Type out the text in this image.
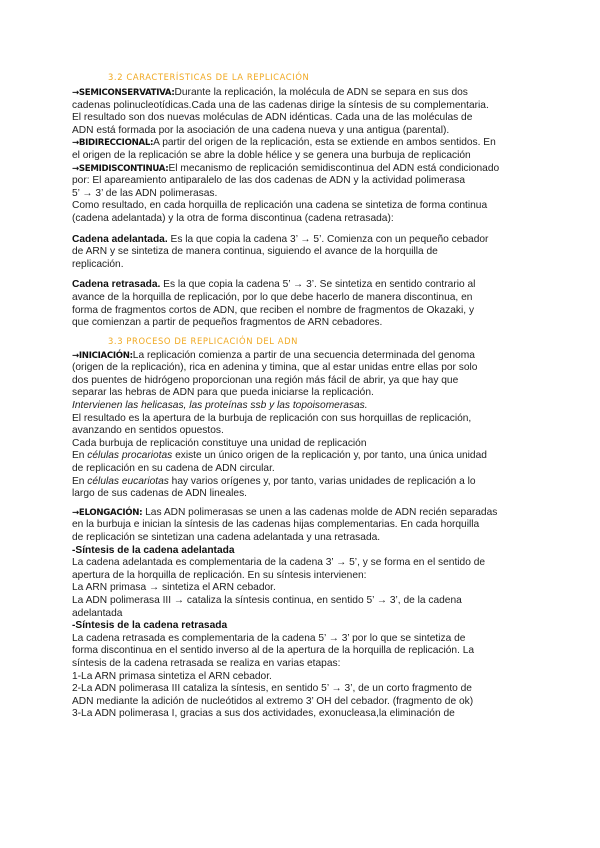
3.2 CARACTERÍSTICAS DE LA REPLICACIÓN

→SEMICONSERVATIVA:Durante la replicación, la molécula de ADN se separa en sus dos

cadenas polinucleotídicas.Cada una de las cadenas dirige la síntesis de su complementaria.

El resultado son dos nuevas moléculas de ADN idénticas. Cada una de las moléculas de

ADN está formada por la asociación de una cadena nueva y una antigua (parental).

→BIDIRECCIONAL:A partir del origen de la replicación, esta se extiende en ambos sentidos. En

el origen de la replicación se abre la doble hélice y se genera una burbuja de replicación

→SEMIDISCONTINUA:El mecanismo de replicación semidiscontinua del ADN está condicionado

por: El apareamiento antiparalelo de las dos cadenas de ADN y la actividad polimerasa

5’ → 3’ de las ADN polimerasas.

Como resultado, en cada horquilla de replicación una cadena se sintetiza de forma continua

(cadena adelantada) y la otra de forma discontinua (cadena retrasada):

Cadena adelantada. Es la que copia la cadena 3’ → 5’. Comienza con un pequeño cebador

de ARN y se sintetiza de manera continua, siguiendo el avance de la horquilla de

replicación.

Cadena retrasada. Es la que copia la cadena 5’ → 3’. Se sintetiza en sentido contrario al

avance de la horquilla de replicación, por lo que debe hacerlo de manera discontinua, en

forma de fragmentos cortos de ADN, que reciben el nombre de fragmentos de Okazaki, y

que comienzan a partir de pequeños fragmentos de ARN cebadores.

3.3 PROCESO DE REPLICACIÓN DEL ADN

→INICIACIÓN:La replicación comienza a partir de una secuencia determinada del genoma

(origen de la replicación), rica en adenina y timina, que al estar unidas entre ellas por solo

dos puentes de hidrógeno proporcionan una región más fácil de abrir, ya que hay que

separar las hebras de ADN para que pueda iniciarse la replicación.

Intervienen las helicasas, las proteínas ssb y las topoisomerasas.

El resultado es la apertura de la burbuja de replicación con sus horquillas de replicación,

avanzando en sentidos opuestos.

Cada burbuja de replicación constituye una unidad de replicación

En células procariotas existe un único origen de la replicación y, por tanto, una única unidad

de replicación en su cadena de ADN circular.

En células eucariotas hay varios orígenes y, por tanto, varias unidades de replicación a lo

largo de sus cadenas de ADN lineales.

→ELONGACIÓN: Las ADN polimerasas se unen a las cadenas molde de ADN recién separadas

en la burbuja e inician la síntesis de las cadenas hijas complementarias. En cada horquilla

de replicación se sintetizan una cadena adelantada y una retrasada.

-Síntesis de la cadena adelantada

La cadena adelantada es complementaria de la cadena 3’ → 5’, y se forma en el sentido de

apertura de la horquilla de replicación. En su síntesis intervienen:

La ARN primasa → sintetiza el ARN cebador.

La ADN polimerasa III → cataliza la síntesis continua, en sentido 5’ → 3’, de la cadena

adelantada

-Síntesis de la cadena retrasada

La cadena retrasada es complementaria de la cadena 5’ → 3’ por lo que se sintetiza de

forma discontinua en el sentido inverso al de la apertura de la horquilla de replicación. La

síntesis de la cadena retrasada se realiza en varias etapas:

1-La ARN primasa sintetiza el ARN cebador.

2-La ADN polimerasa III cataliza la síntesis, en sentido 5’ → 3’, de un corto fragmento de

ADN mediante la adición de nucleótidos al extremo 3’ OH del cebador. (fragmento de ok)

3-La ADN polimerasa I, gracias a sus dos actividades, exonucleasa,la eliminación de
